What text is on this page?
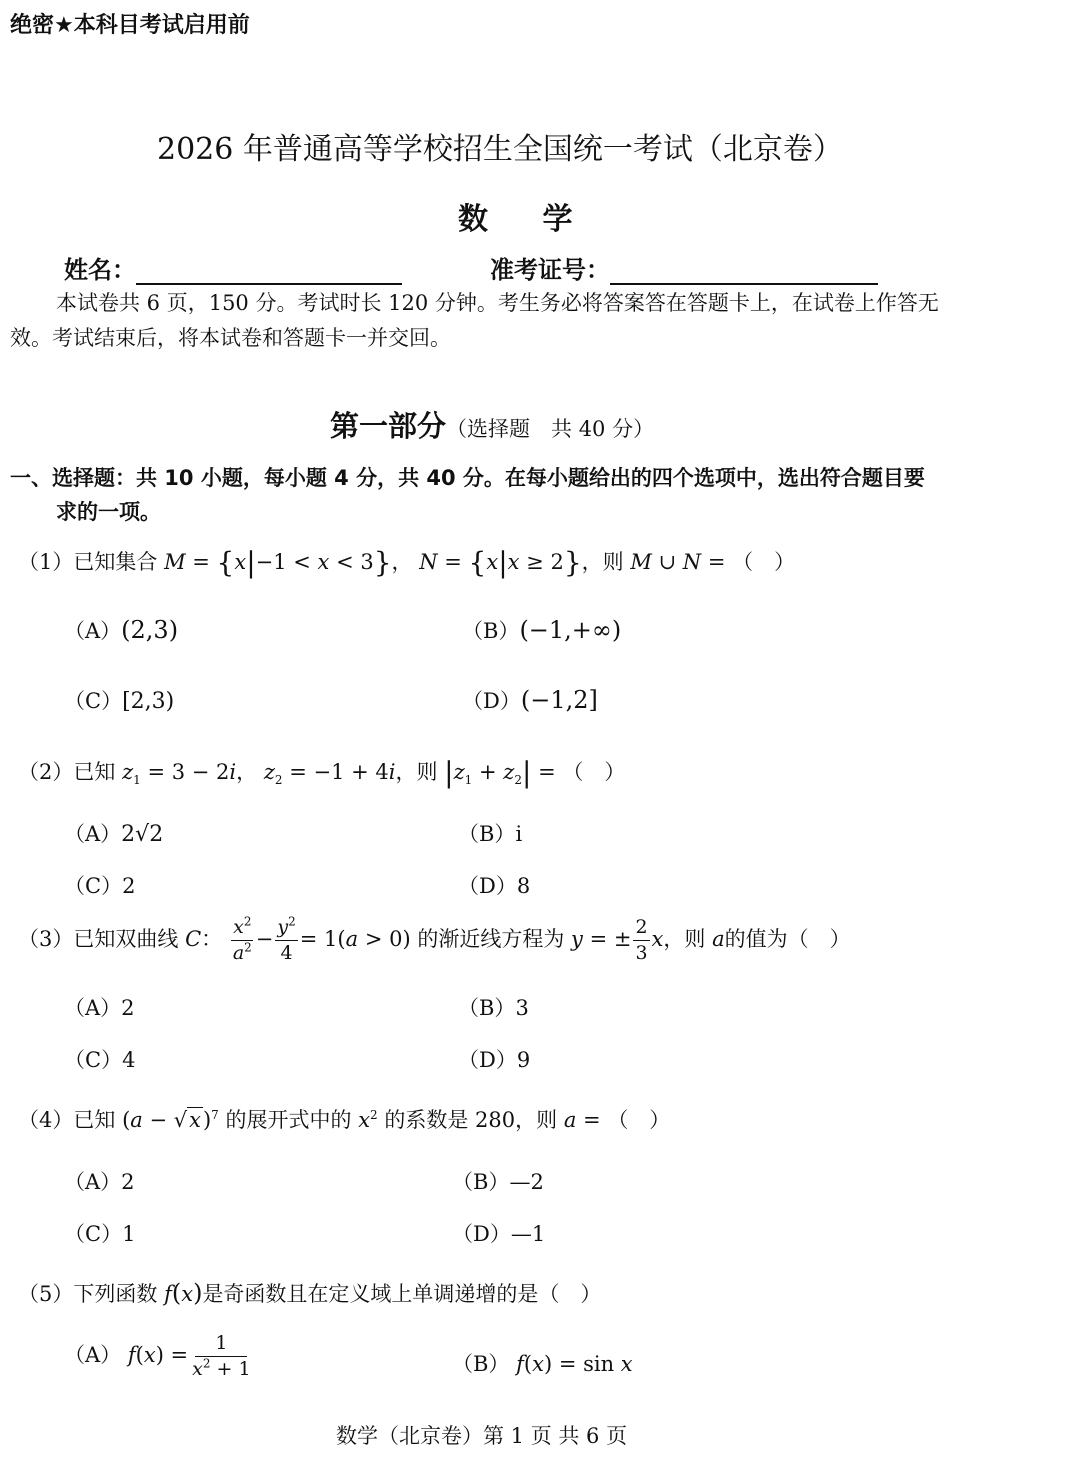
绝密★本科目考试启用前
2026 年普通高等学校招生全国统一考试（北京卷）
数 学
姓名：	准考证号：
本试卷共 6 页，150 分。考试时长 120 分钟。考生务必将答案答在答题卡上，在试卷上作答无
效。考试结束后，将本试卷和答题卡一并交回。
第一部分（选择题　共 40 分）
一、选择题：共 10 小题，每小题 4 分，共 40 分。在每小题给出的四个选项中，选出符合题目要
求的一项。
（1）已知集合 M = {x|−1 < x < 3}， N = {x|x ≥ 2}，则 M ∪ N = （　）
（A）(2,3)	（B）(−1,+∞)
（C）[2,3)	（D）(−1,2]
（2）已知 $z_1 = 3 - 2i$， $z_2 = -1 + 4i$，则 $|z_1 + z_2|$ = （　）
（A）2√2	（B）i
（C）2	（D）8
（3）已知双曲线 C： $\frac{x^2}{a^2} - \frac{y^2}{4} = 1(a > 0)$ 的渐近线方程为 y = ± $\frac{2}{3}$ x，则 a的值为（　）
（A）2	（B）3
（C）4	（D）9
（4）已知 $(a - √x)^7$ 的展开式中的 $x^2$ 的系数是 280，则 a = （　）
（A）2	（B）—2
（C）1	（D）—1
（5）下列函数 f(x)是奇函数且在定义域上单调递增的是（　）
（A） $f(x) = \frac{1}{x^2 + 1}$	（B） f(x) = sin x
数学（北京卷）第 1 页 共 6 页
